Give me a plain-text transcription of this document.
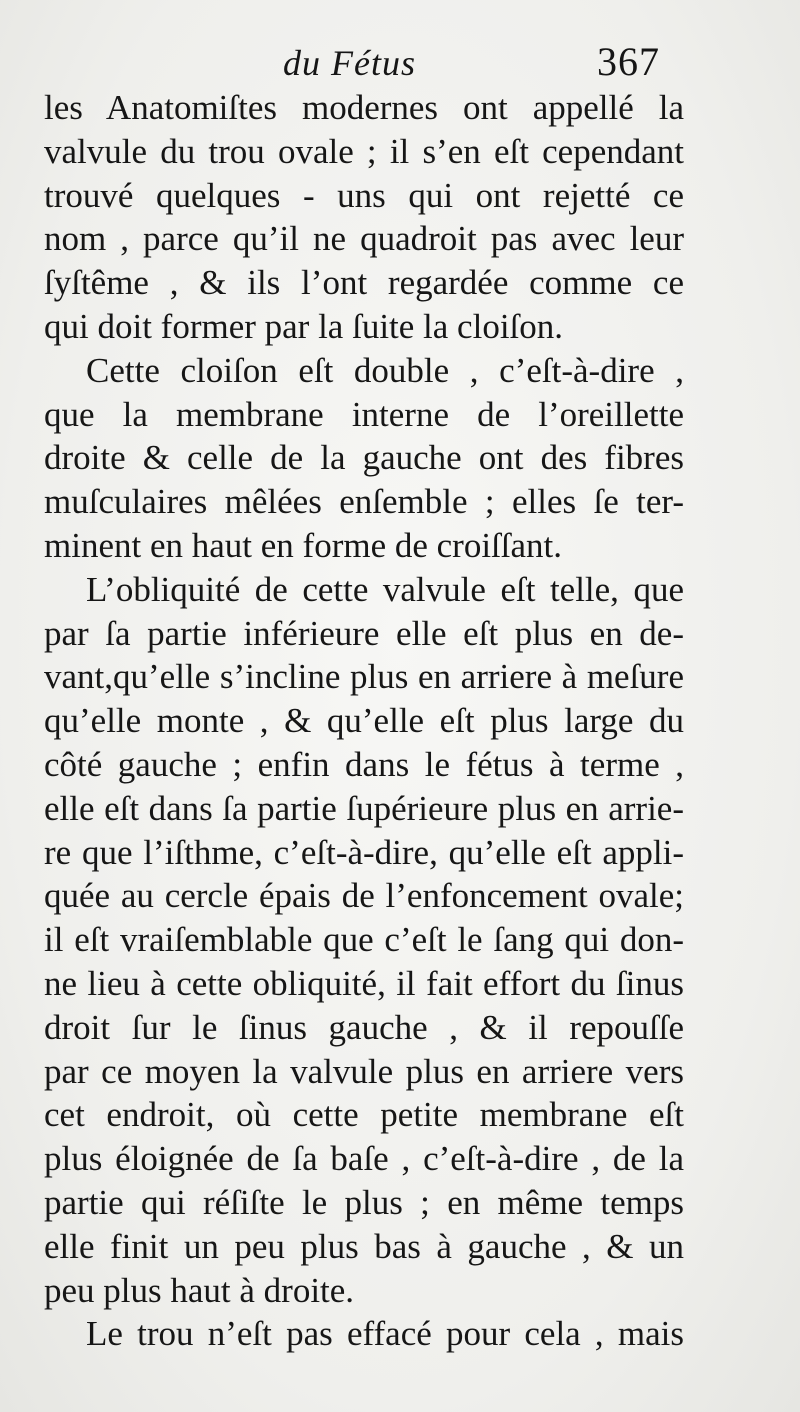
du Fétus	367
les Anatomiſtes modernes ont appellé la
valvule du trou ovale ; il s’en eſt cependant
trouvé quelques - uns qui ont rejetté ce
nom , parce qu’il ne quadroit pas avec leur
ſyſtême , & ils l’ont regardée comme ce
qui doit former par la ſuite la cloiſon.
Cette cloiſon eſt double , c’eſt-à-dire ,
que la membrane interne de l’oreillette
droite & celle de la gauche ont des fibres
muſculaires mêlées enſemble ; elles ſe ter-
minent en haut en forme de croiſſant.
L’obliquité de cette valvule eſt telle, que
par ſa partie inférieure elle eſt plus en de-
vant,qu’elle s’incline plus en arriere à meſure
qu’elle monte , & qu’elle eſt plus large du
côté gauche ; enfin dans le fétus à terme ,
elle eſt dans ſa partie ſupérieure plus en arrie-
re que l’iſthme, c’eſt-à-dire, qu’elle eſt appli-
quée au cercle épais de l’enfoncement ovale;
il eſt vraiſemblable que c’eſt le ſang qui don-
ne lieu à cette obliquité, il fait effort du ſinus
droit ſur le ſinus gauche , & il repouſſe
par ce moyen la valvule plus en arriere vers
cet endroit, où cette petite membrane eſt
plus éloignée de ſa baſe , c’eſt-à-dire , de la
partie qui réſiſte le plus ; en même temps
elle finit un peu plus bas à gauche , & un
peu plus haut à droite.
Le trou n’eſt pas effacé pour cela , mais
